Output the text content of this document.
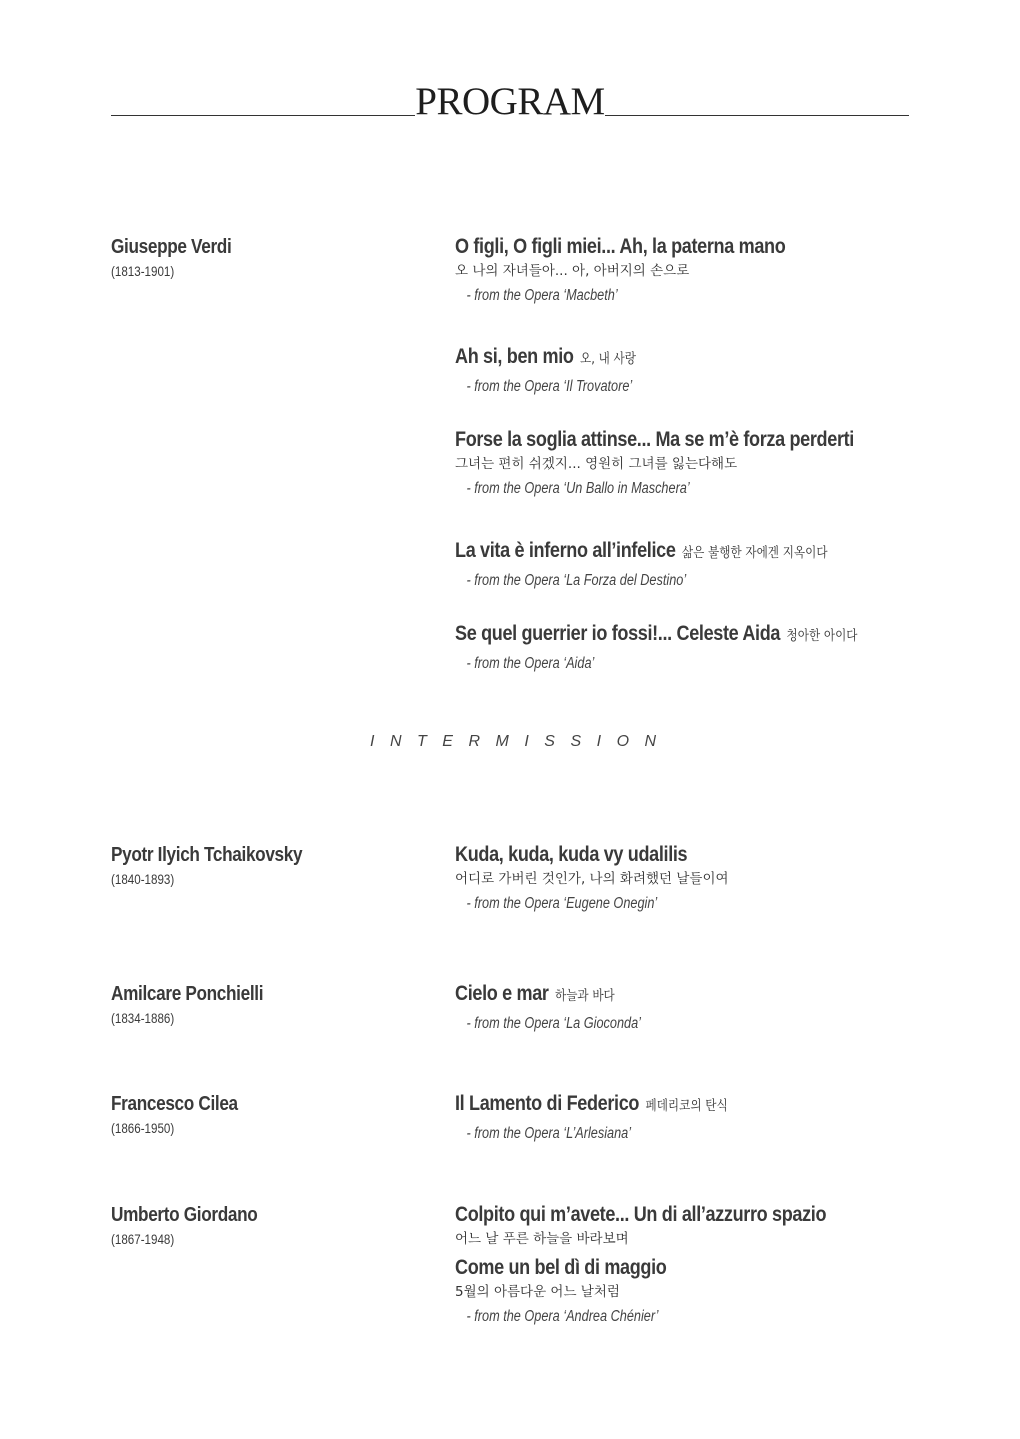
PROGRAM
Giuseppe Verdi
(1813-1901)
O figli, O figli miei... Ah, la paterna mano
오 나의 자녀들아... 아, 아버지의 손으로
- from the Opera ‘Macbeth’
Ah si, ben mio 오, 내 사랑
- from the Opera ‘Il Trovatore’
Forse la soglia attinse... Ma se m’è forza perderti
그녀는 편히 쉬겠지... 영원히 그녀를 잃는다해도
- from the Opera ‘Un Ballo in Maschera’
La vita è inferno all’infelice 삶은 불행한 자에겐 지옥이다
- from the Opera ‘La Forza del Destino’
Se quel guerrier io fossi!... Celeste Aida 청아한 아이다
- from the Opera ‘Aida’
INTERMISSION
Pyotr Ilyich Tchaikovsky
(1840-1893)
Kuda, kuda, kuda vy udalilis
어디로 가버린 것인가, 나의 화려했던 날들이여
- from the Opera ‘Eugene Onegin’
Amilcare Ponchielli
(1834-1886)
Cielo e mar 하늘과 바다
- from the Opera ‘La Gioconda’
Francesco Cilea
(1866-1950)
Il Lamento di Federico 페데리코의 탄식
- from the Opera ‘L’Arlesiana’
Umberto Giordano
(1867-1948)
Colpito qui m’avete... Un di all’azzurro spazio
어느 날 푸른 하늘을 바라보며
Come un bel dì di maggio
5월의 아름다운 어느 날처럼
- from the Opera ‘Andrea Chénier’
